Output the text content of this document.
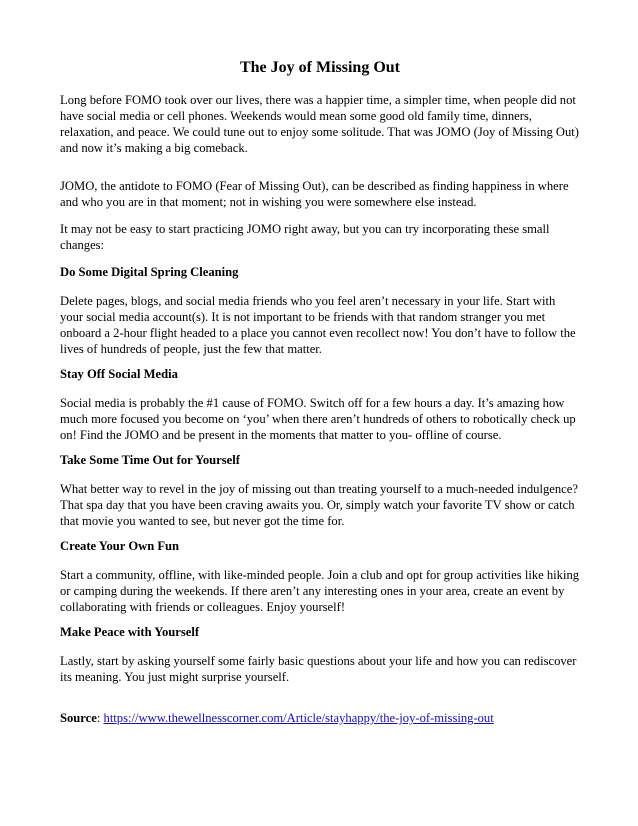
The Joy of Missing Out

Long before FOMO took over our lives, there was a happier time, a simpler time, when people did not have social media or cell phones. Weekends would mean some good old family time, dinners, relaxation, and peace. We could tune out to enjoy some solitude. That was JOMO (Joy of Missing Out) and now it’s making a big comeback.

JOMO, the antidote to FOMO (Fear of Missing Out), can be described as finding happiness in where and who you are in that moment; not in wishing you were somewhere else instead.

It may not be easy to start practicing JOMO right away, but you can try incorporating these small changes:

Do Some Digital Spring Cleaning

Delete pages, blogs, and social media friends who you feel aren’t necessary in your life. Start with your social media account(s). It is not important to be friends with that random stranger you met onboard a 2-hour flight headed to a place you cannot even recollect now! You don’t have to follow the lives of hundreds of people, just the few that matter.

Stay Off Social Media

Social media is probably the #1 cause of FOMO. Switch off for a few hours a day. It’s amazing how much more focused you become on ‘you’ when there aren’t hundreds of others to robotically check up on! Find the JOMO and be present in the moments that matter to you- offline of course.

Take Some Time Out for Yourself

What better way to revel in the joy of missing out than treating yourself to a much-needed indulgence? That spa day that you have been craving awaits you. Or, simply watch your favorite TV show or catch that movie you wanted to see, but never got the time for.

Create Your Own Fun

Start a community, offline, with like-minded people. Join a club and opt for group activities like hiking or camping during the weekends. If there aren’t any interesting ones in your area, create an event by collaborating with friends or colleagues. Enjoy yourself!

Make Peace with Yourself

Lastly, start by asking yourself some fairly basic questions about your life and how you can rediscover its meaning. You just might surprise yourself.

Source: https://www.thewellnesscorner.com/Article/stayhappy/the-joy-of-missing-out
